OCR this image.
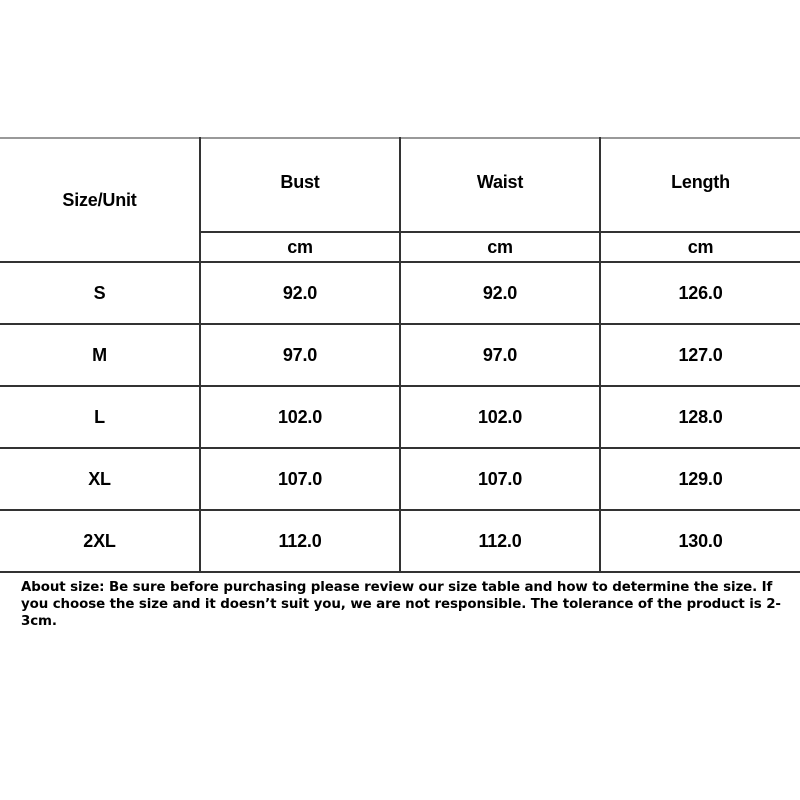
Size/Unit	Bust	Waist	Length
	cm	cm	cm
S	92.0	92.0	126.0
M	97.0	97.0	127.0
L	102.0	102.0	128.0
XL	107.0	107.0	129.0
2XL	112.0	112.0	130.0

About size: Be sure before purchasing please review our size table and how to determine the size. If you choose the size and it doesn’t suit you, we are not responsible. The tolerance of the product is 2-3cm.
